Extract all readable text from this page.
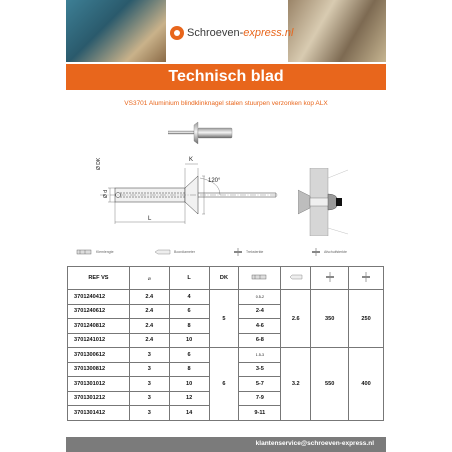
Schroeven-express.nl
Technisch blad
VS3701 Aluminium blindklinknagel stalen stuurpen verzonken kop ALX
Ø d
Ø DK
120°
K
L
Klemlengte	Boordiameter	Treksterkte	Afschuifsterkte
REF VS	Ø	L	DK				
3701240412	2.4	4	5	0.5-2	2.6	350	250
3701240612	2.4	6		2-4			
3701240812	2.4	8		4-6			
3701241012	2.4	10		6-8			
3701300612	3	6	6	1.5-3	3.2	550	400
3701300812	3	8		3-5			
3701301012	3	10		5-7			
3701301212	3	12		7-9			
3701301412	3	14		9-11			
klantenservice@schroeven-express.nl
